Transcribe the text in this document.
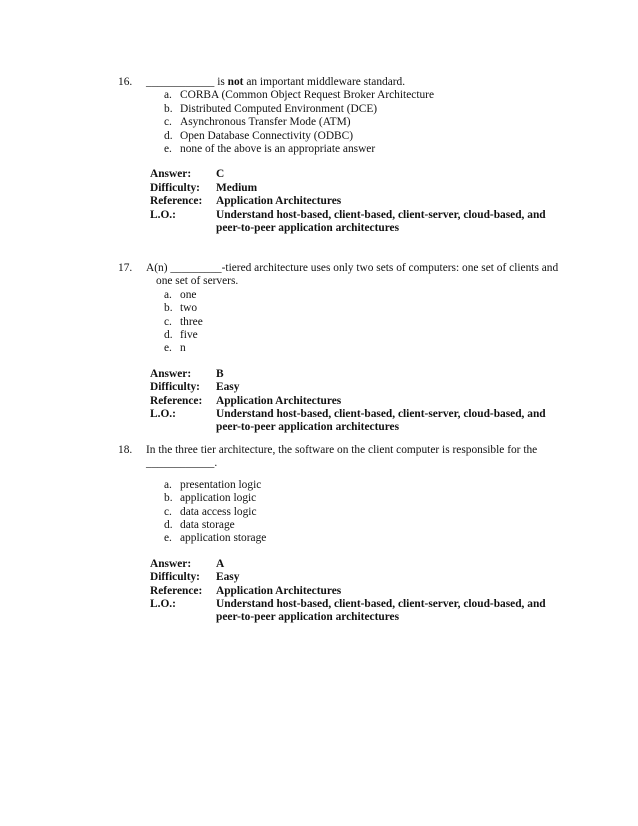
16. ____________ is not an important middleware standard.
a. CORBA (Common Object Request Broker Architecture
b. Distributed Computed Environment (DCE)
c. Asynchronous Transfer Mode (ATM)
d. Open Database Connectivity (ODBC)
e. none of the above is an appropriate answer
Answer:	C
Difficulty:	Medium
Reference:	Application Architectures
L.O.:	Understand host-based, client-based, client-server, cloud-based, and
peer-to-peer application architectures
17. A(n) _________-tiered architecture uses only two sets of computers: one set of clients and
one set of servers.
a. one
b. two
c. three
d. five
e. n
Answer:	B
Difficulty:	Easy
Reference:	Application Architectures
L.O.:	Understand host-based, client-based, client-server, cloud-based, and
peer-to-peer application architectures
18. In the three tier architecture, the software on the client computer is responsible for the
____________.
a. presentation logic
b. application logic
c. data access logic
d. data storage
e. application storage
Answer:	A
Difficulty:	Easy
Reference:	Application Architectures
L.O.:	Understand host-based, client-based, client-server, cloud-based, and
peer-to-peer application architectures
